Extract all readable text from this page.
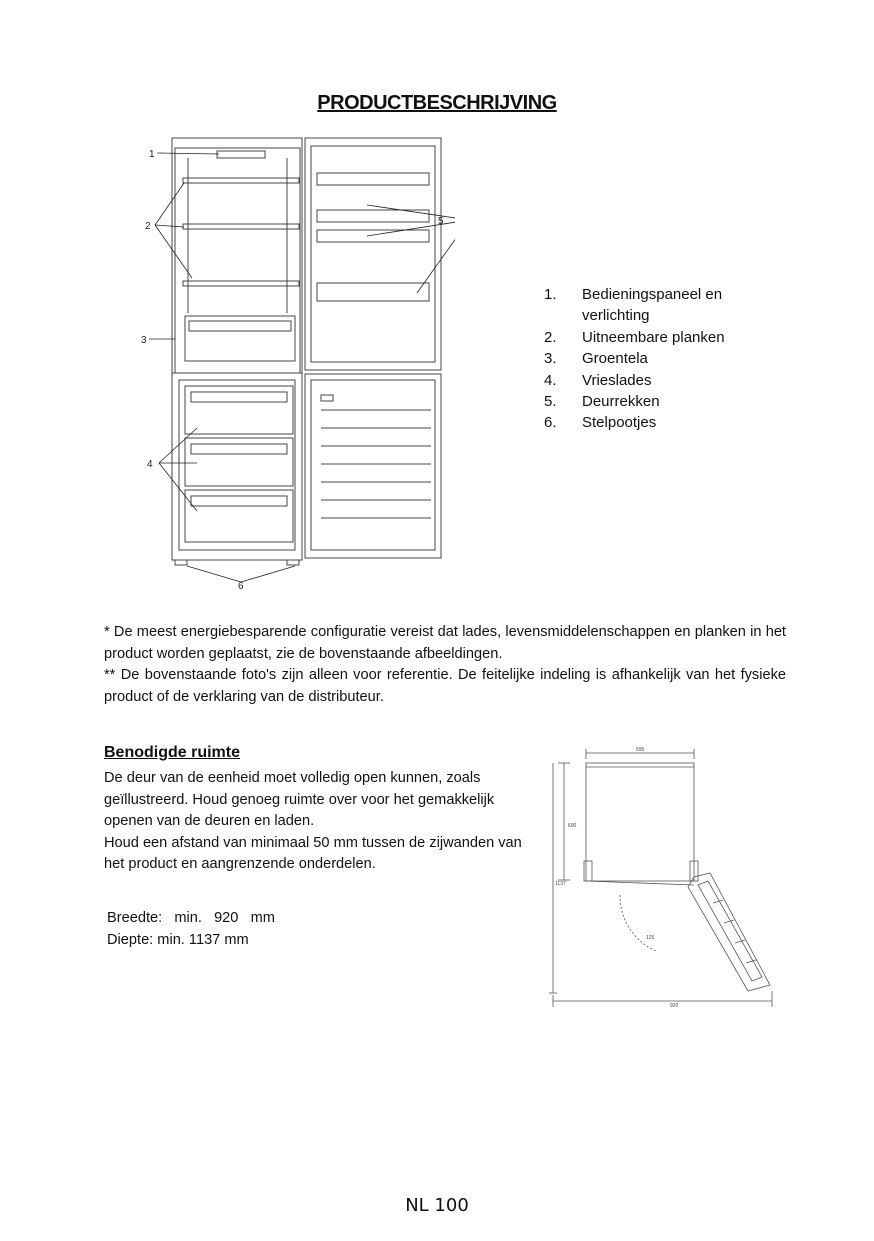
PRODUCTBESCHRIJVING
1
2
3
4
5
6
1.	Bedieningspaneel en verlichting
2.	Uitneembare planken
3.	Groentela
4.	Vrieslades
5.	Deurrekken
6.	Stelpootjes

* De meest energiebesparende configuratie vereist dat lades, levensmiddelenschappen en planken in het product worden geplaatst, zie de bovenstaande afbeeldingen.

** De bovenstaande foto's zijn alleen voor referentie. De feitelijke indeling is afhankelijk van het fysieke product of de verklaring van de distributeur.

Benodigde ruimte

De deur van de eenheid moet volledig open kunnen, zoals geïllustreerd. Houd genoeg ruimte over voor het gemakkelijk openen van de deuren en laden.

Houd een afstand van minimaal 50 mm tussen de zijwanden van het product en aangrenzende onderdelen.

Breedte:   min.   920   mm

Diepte: min. 1137 mm

595
600
1137
920
125
NL 100
